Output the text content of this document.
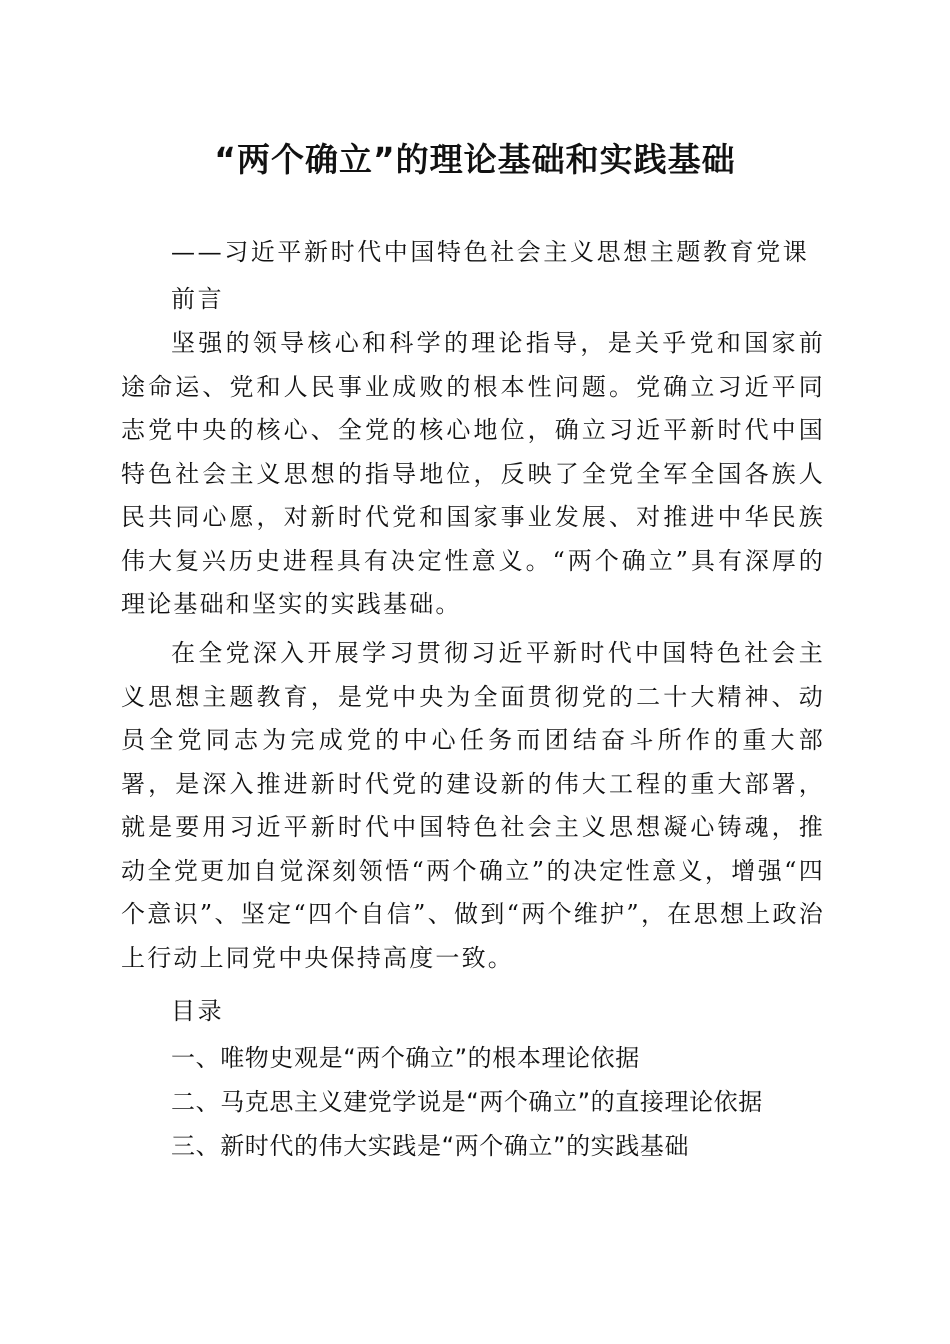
“两个确立”的理论基础和实践基础

——习近平新时代中国特色社会主义思想主题教育党课

前言

坚强的领导核心和科学的理论指导，是关乎党和国家前途命运、党和人民事业成败的根本性问题。党确立习近平同志党中央的核心、全党的核心地位，确立习近平新时代中国特色社会主义思想的指导地位，反映了全党全军全国各族人民共同心愿，对新时代党和国家事业发展、对推进中华民族伟大复兴历史进程具有决定性意义。“两个确立”具有深厚的理论基础和坚实的实践基础。

在全党深入开展学习贯彻习近平新时代中国特色社会主义思想主题教育，是党中央为全面贯彻党的二十大精神、动员全党同志为完成党的中心任务而团结奋斗所作的重大部署，是深入推进新时代党的建设新的伟大工程的重大部署，就是要用习近平新时代中国特色社会主义思想凝心铸魂，推动全党更加自觉深刻领悟“两个确立”的决定性意义，增强“四个意识”、坚定“四个自信”、做到“两个维护”，在思想上政治上行动上同党中央保持高度一致。

目录

一、唯物史观是“两个确立”的根本理论依据
二、马克思主义建党学说是“两个确立”的直接理论依据
三、新时代的伟大实践是“两个确立”的实践基础
